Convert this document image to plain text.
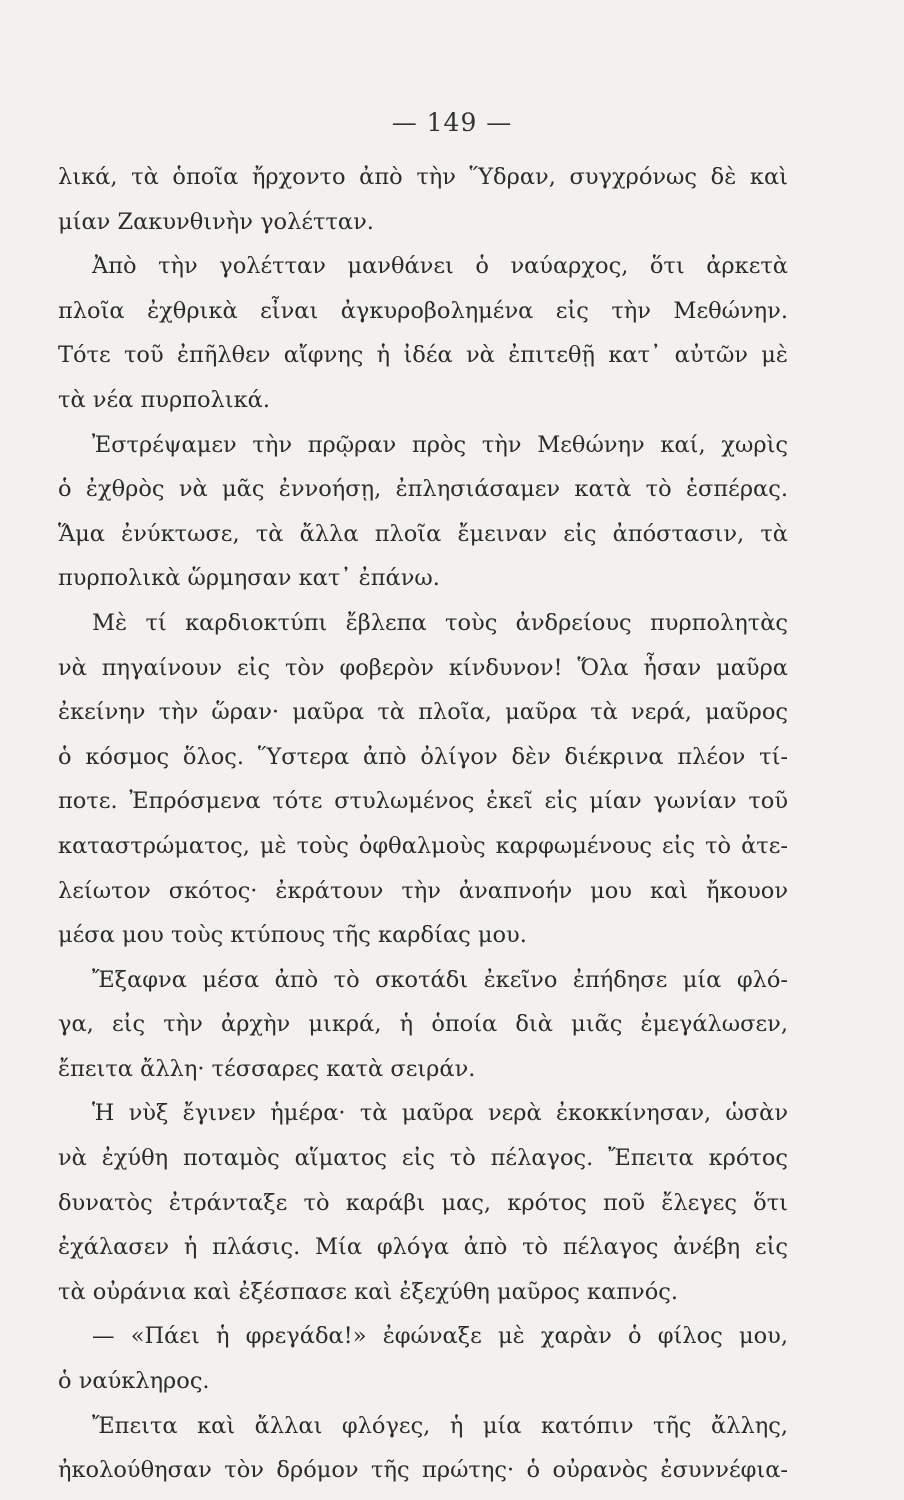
— 149 —
λικά, τὰ ὁποῖα ἤρχοντο ἀπὸ τὴν Ὕδραν, συγχρόνως δὲ καὶ
μίαν Ζακυνθινὴν γολέτταν.
Ἀπὸ τὴν γολέτταν μανθάνει ὁ ναύαρχος, ὅτι ἀρκετὰ
πλοῖα ἐχθρικὰ εἶναι ἀγκυροβολημένα εἰς τὴν Μεθώνην.
Τότε τοῦ ἐπῆλθεν αἴφνης ἡ ἰδέα νὰ ἐπιτεθῇ κατ᾽ αὐτῶν μὲ
τὰ νέα πυρπολικά.
Ἐστρέψαμεν τὴν πρῷραν πρὸς τὴν Μεθώνην καί, χωρὶς
ὁ ἐχθρὸς νὰ μᾶς ἐννοήσῃ, ἐπλησιάσαμεν κατὰ τὸ ἑσπέρας.
Ἅμα ἐνύκτωσε, τὰ ἄλλα πλοῖα ἔμειναν εἰς ἀπόστασιν, τὰ
πυρπολικὰ ὥρμησαν κατ᾽ ἐπάνω.
Μὲ τί καρδιοκτύπι ἔβλεπα τοὺς ἀνδρείους πυρπολητὰς
νὰ πηγαίνουν εἰς τὸν φοβερὸν κίνδυνον! Ὅλα ἦσαν μαῦρα
ἐκείνην τὴν ὥραν· μαῦρα τὰ πλοῖα, μαῦρα τὰ νερά, μαῦρος
ὁ κόσμος ὅλος. Ὕστερα ἀπὸ ὀλίγον δὲν διέκρινα πλέον τί-
ποτε. Ἐπρόσμενα τότε στυλωμένος ἐκεῖ εἰς μίαν γωνίαν τοῦ
καταστρώματος, μὲ τοὺς ὀφθαλμοὺς καρφωμένους εἰς τὸ ἀτε-
λείωτον σκότος· ἐκράτουν τὴν ἀναπνοήν μου καὶ ἤκουον
μέσα μου τοὺς κτύπους τῆς καρδίας μου.
Ἔξαφνα μέσα ἀπὸ τὸ σκοτάδι ἐκεῖνο ἐπήδησε μία φλό-
γα, εἰς τὴν ἀρχὴν μικρά, ἡ ὁποία διὰ μιᾶς ἐμεγάλωσεν,
ἔπειτα ἄλλη· τέσσαρες κατὰ σειράν.
Ἡ νὺξ ἔγινεν ἡμέρα· τὰ μαῦρα νερὰ ἐκοκκίνησαν, ὡσὰν
νὰ ἐχύθη ποταμὸς αἵματος εἰς τὸ πέλαγος. Ἔπειτα κρότος
δυνατὸς ἐτράνταξε τὸ καράβι μας, κρότος ποῦ ἔλεγες ὅτι
ἐχάλασεν ἡ πλάσις. Μία φλόγα ἀπὸ τὸ πέλαγος ἀνέβη εἰς
τὰ οὐράνια καὶ ἐξέσπασε καὶ ἐξεχύθη μαῦρος καπνός.
— «Πάει ἡ φρεγάδα!» ἐφώναξε μὲ χαρὰν ὁ φίλος μου,
ὁ ναύκληρος.
Ἔπειτα καὶ ἄλλαι φλόγες, ἡ μία κατόπιν τῆς ἄλλης,
ἠκολούθησαν τὸν δρόμον τῆς πρώτης· ὁ οὐρανὸς ἐσυννέφια-
